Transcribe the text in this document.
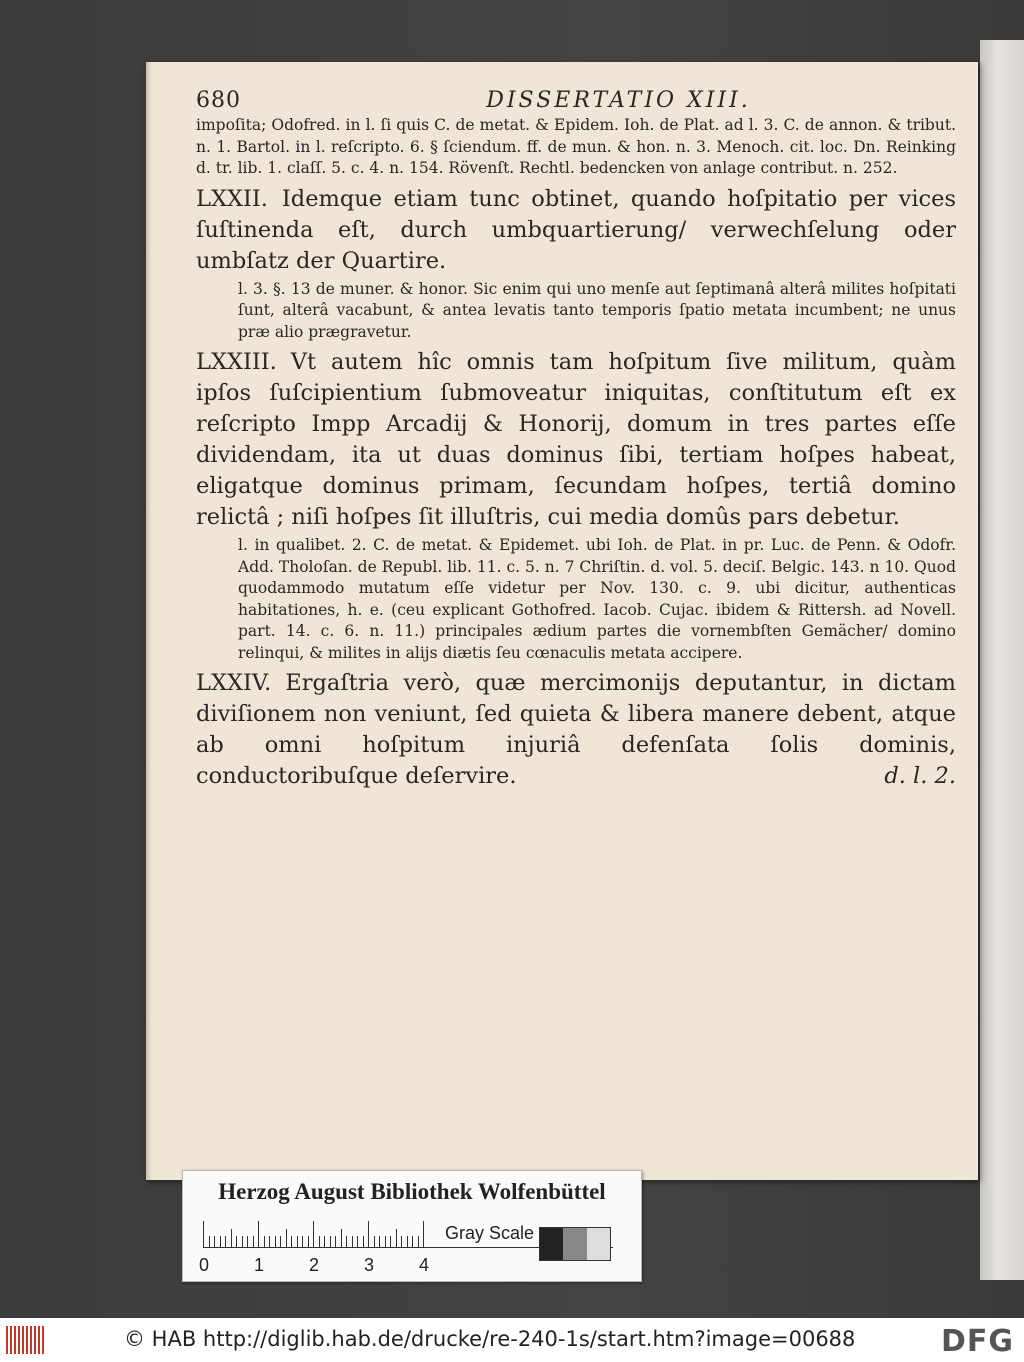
680	DISSERTATIO XIII.

impoſita; Odofred. in l. ſi quis C. de metat. & Epidem. Ioh. de Plat. ad l. 3. C. de annon. & tribut. n. 1. Bartol. in l. reſcripto. 6. § ſciendum. ff. de mun. & hon. n. 3. Menoch. cit. loc. Dn. Reinking d. tr. lib. 1. claſſ. 5. c. 4. n. 154. Rövenſt. Rechtl. bedencken von anlage contribut. n. 252.

LXXII. Idemque etiam tunc obtinet, quando hoſpitatio per vices ſuſtinenda eſt, durch umbquartierung/ verwechſelung oder umbſatz der Quartire.

l. 3. §. 13 de muner. & honor. Sic enim qui uno menſe aut ſeptimanâ alterâ milites hoſpitati ſunt, alterâ vacabunt, & antea levatis tanto temporis ſpatio metata incumbent; ne unus præ alio prægravetur.

LXXIII. Vt autem hîc omnis tam hoſpitum ſive militum, quàm ipſos ſuſcipientium ſubmoveatur iniquitas, conſtitutum eſt ex reſcripto Impp Arcadij & Honorij, domum in tres partes eſſe dividendam, ita ut duas dominus ſibi, tertiam hoſpes habeat, eligatque dominus primam, ſecundam hoſpes, tertiâ domino relictâ ; niſi hoſpes ſit illuſtris, cui media domûs pars debetur.

l. in qualibet. 2. C. de metat. & Epidemet. ubi Ioh. de Plat. in pr. Luc. de Penn. & Odofr. Add. Tholoſan. de Republ. lib. 11. c. 5. n. 7 Chriſtin. d. vol. 5. deciſ. Belgic. 143. n 10. Quod quodammodo mutatum eſſe videtur per Nov. 130. c. 9. ubi dicitur, authenticas habitationes, h. e. (ceu explicant Gothofred. Iacob. Cujac. ibidem & Rittersh. ad Novell. part. 14. c. 6. n. 11.) principales ædium partes die vornembſten Gemächer/ domino relinqui, & milites in alijs diætis ſeu cœnaculis metata accipere.

LXXIV. Ergaſtria verò, quæ mercimonijs deputantur, in dictam diviſionem non veniunt, ſed quieta & libera manere debent, atque ab omni hoſpitum injuriâ defenſata ſolis dominis, conductoribuſque deſervire.	d. l. 2.

Herzog August Bibliothek Wolfenbüttel
0 1 2 3 4
Gray Scale
© HAB http://diglib.hab.de/drucke/re-240-1s/start.htm?image=00688	DFG
